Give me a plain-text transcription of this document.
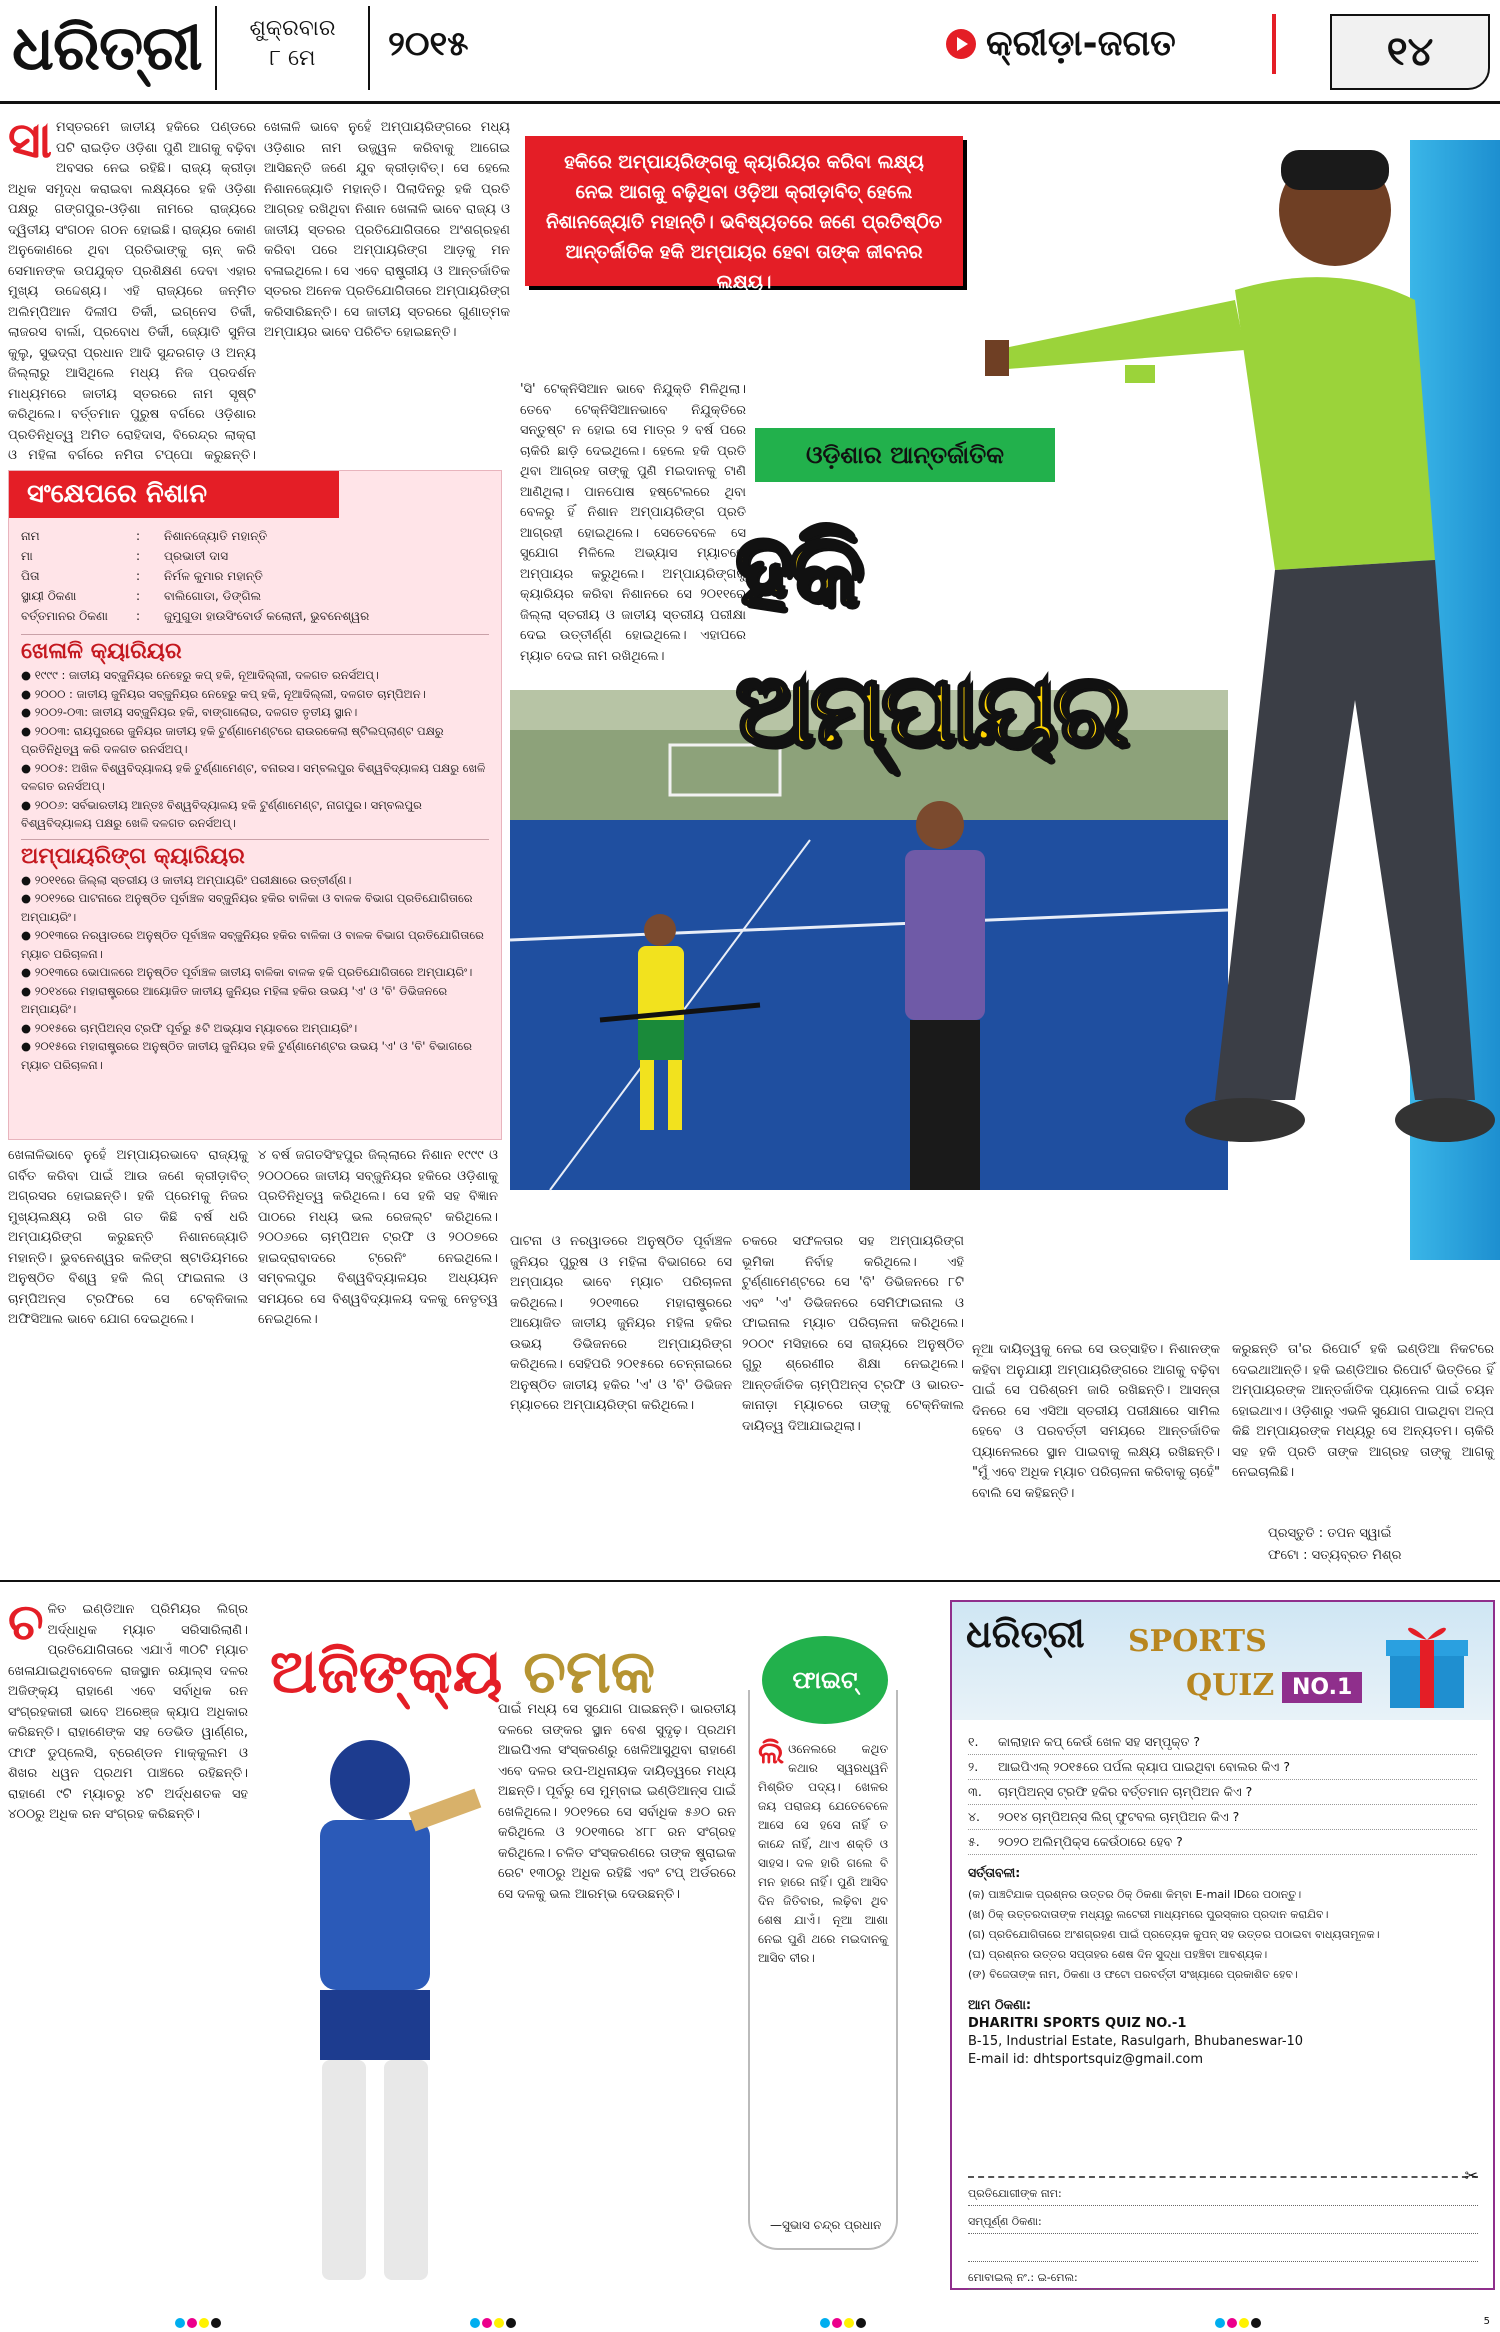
ଧରିତ୍ରୀ	ଶୁକ୍ରବାର
୮ ମେ	୨୦୧୫	କ୍ରୀଡ଼ା-ଜଗତ	୧୪
ସାମସ୍ତରମେ ଜାତୀୟ ହକିରେ ପଣ୍ଡରେ ପଟି ରାଇଡ଼ିତ ଓଡ଼ିଶା ପୁଣି ଆଗକୁ ବଢ଼ିବା ଅବସର ନେଇ ରହିଛି। ରାଜ୍ୟ କ୍ରୀଡ଼ା ଅଧିକ ସମୃଦ୍ଧ କରାଇବା ଲକ୍ଷ୍ୟରେ ହକି ଓଡ଼ିଶା ପକ୍ଷରୁ ଗଙ୍ଗପୁର-ଓଡ଼ିଶା ନାମରେ ରାଜ୍ୟରେ ଦ୍ୱିତୀୟ ସଂଗଠନ ଗଠନ ହୋଇଛି। ରାଜ୍ୟର କୋଣ ଅନୁକୋଣରେ ଥିବା ପ୍ରତିଭାଙ୍କୁ ଚାନ୍ କରି ସେମାନଙ୍କ ଉପଯୁକ୍ତ ପ୍ରଶିକ୍ଷଣ ଦେବା ଏହାର ମୁଖ୍ୟ ଉଦ୍ଦେଶ୍ୟ। ଏହି ରାଜ୍ୟରେ ଜନ୍ମିତ ଅଲିମ୍ପିଆନ ଦିଲୀପ ତିର୍କୀ, ଇଗ୍ନେସ ତିର୍କୀ, ଲାଜରସ ବାର୍ଲା, ପ୍ରବୋଧ ତିର୍କୀ, ଜ୍ୟୋତି ସୁନିତା କୁଲୁ, ସୁଭଦ୍ରା ପ୍ରଧାନ ଆଦି ସୁନ୍ଦରଗଡ଼ ଓ ଅନ୍ୟ ଜିଲ୍ଲାରୁ ଆସିଥିଲେ ମଧ୍ୟ ନିଜ ପ୍ରଦର୍ଶନ ମାଧ୍ୟମରେ ଜାତୀୟ ସ୍ତରରେ ନାମ ସୃଷ୍ଟି କରିଥିଲେ। ବର୍ତ୍ତମାନ ପୁରୁଷ ବର୍ଗରେ ଓଡ଼ିଶାର ପ୍ରତିନିଧିତ୍ୱ ଅମିତ ରୋହିଦାସ, ବିରେନ୍ଦ୍ର ଲାକ୍ରା ଓ ମହିଳା ବର୍ଗରେ ନମିତା ଟପ୍ପୋ କରୁଛନ୍ତି।
ଖେଳାଳି ଭାବେ ନୁହେଁ ଅମ୍ପାୟରିଙ୍ଗରେ ମଧ୍ୟ ଓଡ଼ିଶାର ନାମ ଉଜ୍ଜ୍ୱଳ କରିବାକୁ ଆଗେଇ ଆସିଛନ୍ତି ଜଣେ ଯୁବ କ୍ରୀଡ଼ାବିତ୍। ସେ ହେଲେ ନିଶାନଜ୍ୟୋତି ମହାନ୍ତି। ପିଲାଦିନରୁ ହକି ପ୍ରତି ଆଗ୍ରହ ରଖିଥିବା ନିଶାନ ଖେଳାଳି ଭାବେ ରାଜ୍ୟ ଓ ଜାତୀୟ ସ୍ତରର ପ୍ରତିଯୋଗିତାରେ ଅଂଶଗ୍ରହଣ କରିବା ପରେ ଅମ୍ପାୟରିଙ୍ଗ ଆଡ଼କୁ ମନ ବଳାଇଥିଲେ। ସେ ଏବେ ରାଷ୍ଟ୍ରୀୟ ଓ ଆନ୍ତର୍ଜାତିକ ସ୍ତରର ଅନେକ ପ୍ରତିଯୋଗିତାରେ ଅମ୍ପାୟରିଙ୍ଗ କରିସାରିଛନ୍ତି। ସେ ଜାତୀୟ ସ୍ତରରେ ଗୁଣାତ୍ମକ ଅମ୍ପାୟର ଭାବେ ପରିଚିତ ହୋଇଛନ୍ତି।
'ସି' ଟେକ୍ନିସିଆନ ଭାବେ ନିଯୁକ୍ତି ମିଳିଥିଲା। ତେବେ ଟେକ୍ନିସିଆନଭାବେ ନିଯୁକ୍ତିରେ ସନ୍ତୁଷ୍ଟ ନ ହୋଇ ସେ ମାତ୍ର ୨ ବର୍ଷ ପରେ ଚାକିରି ଛାଡ଼ି ଦେଇଥିଲେ। ହେଲେ ହକି ପ୍ରତି ଥିବା ଆଗ୍ରହ ତାଙ୍କୁ ପୁଣି ମଇଦାନକୁ ଟାଣି ଆଣିଥିଲା। ପାନପୋଷ ହଷ୍ଟେଲରେ ଥିବା ବେଳରୁ ହିଁ ନିଶାନ ଅମ୍ପାୟରିଙ୍ଗ ପ୍ରତି ଆଗ୍ରହୀ ହୋଇଥିଲେ। ସେତେବେଳେ ସେ ସୁଯୋଗ ମିଳିଲେ ଅଭ୍ୟାସ ମ୍ୟାଚରେ ଅମ୍ପାୟର କରୁଥିଲେ। ଅମ୍ପାୟରିଙ୍ଗକୁ କ୍ୟାରିୟର କରିବା ନିଶାନରେ ସେ ୨୦୧୧ରେ ଜିଲ୍ଲା ସ୍ତରୀୟ ଓ ଜାତୀୟ ସ୍ତରୀୟ ପରୀକ୍ଷା ଦେଇ ଉତ୍ତୀର୍ଣ୍ଣ ହୋଇଥିଲେ। ଏହାପରେ ମ୍ୟାଚ ଦେଇ ନାମ ରଖିଥିଲେ।
ସଂକ୍ଷେପରେ ନିଶାନ
ନାମ	:	ନିଶାନଜ୍ୟୋତି ମହାନ୍ତି
ମା	:	ପ୍ରଭାତୀ ଦାସ
ପିତା	:	ନିର୍ମଳ କୁମାର ମହାନ୍ତି
ସ୍ଥାୟୀ ଠିକଣା	:	ବାଲିଗୋଡା, ଡିଙ୍ଗିଲ
ବର୍ତ୍ତମାନର ଠିକଣା	:	ଜୁମୁଗୁଡା ହାଉସିଂବୋର୍ଡ କଲୋନୀ, ଭୁବନେଶ୍ୱର
ଖେଳାଳି କ୍ୟାରିୟର
● ୧୯୯୯ : ଜାତୀୟ ସବ୍ଜୁନିୟର ନେହେରୁ କପ୍ ହକି, ନୂଆଦିଲ୍ଲୀ, ଦଳଗତ ରନର୍ସଅପ୍।
● ୨୦୦୦ : ଜାତୀୟ ଜୁନିୟର ସବ୍ଜୁନିୟର ନେହେରୁ କପ୍ ହକି, ନୂଆଦିଲ୍ଲୀ, ଦଳଗତ ଚାମ୍ପିଅନ।
● ୨୦୦୨-୦୩: ଜାତୀୟ ସବ୍ଜୁନିୟର ହକି, ବାଙ୍ଗାଲୋର, ଦଳଗତ ତୃତୀୟ ସ୍ଥାନ।
● ୨୦୦୩: ରାୟପୁରରେ ଜୁନିୟର ଜାତୀୟ ହକି ଟୁର୍ଣ୍ଣାମେଣ୍ଟରେ ରାଉରକେଲା ଷ୍ଟିଲପ୍ଲାଣ୍ଟ ପକ୍ଷରୁ ପ୍ରତିନିଧିତ୍ୱ କରି ଦଳଗତ ରନର୍ସଅପ୍।
● ୨୦୦୫: ଅଖିଳ ବିଶ୍ୱବିଦ୍ୟାଳୟ ହକି ଟୁର୍ଣ୍ଣାମେଣ୍ଟ, ବନାରସ। ସମ୍ବଲପୁର ବିଶ୍ୱବିଦ୍ୟାଳୟ ପକ୍ଷରୁ ଖେଳି ଦଳଗତ ରନର୍ସଅପ୍।
● ୨୦୦୬: ସର୍ବଭାରତୀୟ ଆନ୍ତଃ ବିଶ୍ୱବିଦ୍ୟାଳୟ ହକି ଟୁର୍ଣ୍ଣାମେଣ୍ଟ, ନାଗପୁର। ସମ୍ବଲପୁର ବିଶ୍ୱବିଦ୍ୟାଳୟ ପକ୍ଷରୁ ଖେଳି ଦଳଗତ ରନର୍ସଅପ୍।
ଅମ୍ପାୟରିଙ୍ଗ କ୍ୟାରିୟର
● ୨୦୧୧ରେ ଜିଲ୍ଲା ସ୍ତରୀୟ ଓ ଜାତୀୟ ଅମ୍ପାୟରିଂ ପରୀକ୍ଷାରେ ଉତ୍ତୀର୍ଣ୍ଣ।
● ୨୦୧୨ରେ ପାଟନାରେ ଅନୁଷ୍ଠିତ ପୂର୍ବାଞ୍ଚଳ ସବ୍ଜୁନିୟର ହକିର ବାଳିକା ଓ ବାଳକ ବିଭାଗ ପ୍ରତିଯୋଗିତାରେ ଅମ୍ପାୟରିଂ।
● ୨୦୧୩ରେ ନରୱାଡରେ ଅନୁଷ୍ଠିତ ପୂର୍ବାଞ୍ଚଳ ସବ୍ଜୁନିୟର ହକିର ବାଳିକା ଓ ବାଳକ ବିଭାଗ ପ୍ରତିଯୋଗିତାରେ ମ୍ୟାଚ ପରିଚାଳନା।
● ୨୦୧୩ରେ ଭୋପାଳରେ ଅନୁଷ୍ଠିତ ପୂର୍ବାଞ୍ଚଳ ଜାତୀୟ ବାଳିକା ବାଳକ ହକି ପ୍ରତିଯୋଗିତାରେ ଅମ୍ପାୟରିଂ।
● ୨୦୧୪ରେ ମହାରାଷ୍ଟ୍ରରେ ଆୟୋଜିତ ଜାତୀୟ ଜୁନିୟର ମହିଳା ହକିର ଉଭୟ 'ଏ' ଓ 'ବି' ଡିଭିଜନରେ ଅମ୍ପାୟରିଂ।
● ୨୦୧୫ରେ ଚାମ୍ପିଅନ୍ସ ଟ୍ରଫି ପୂର୍ବରୁ ୫ଟି ଅଭ୍ୟାସ ମ୍ୟାଚରେ ଅମ୍ପାୟରିଂ।
● ୨୦୧୫ରେ ମହାରାଷ୍ଟ୍ରରେ ଅନୁଷ୍ଠିତ ଜାତୀୟ ଜୁନିୟର ହକି ଟୁର୍ଣ୍ଣାମେଣ୍ଟର ଉଭୟ 'ଏ' ଓ 'ବି' ବିଭାଗରେ ମ୍ୟାଚ ପରିଚାଳନା।
ହକିରେ ଅମ୍ପାୟରିଙ୍ଗକୁ କ୍ୟାରିୟର କରିବା ଲକ୍ଷ୍ୟ ନେଇ ଆଗକୁ ବଢ଼ିଥିବା ଓଡ଼ିଆ କ୍ରୀଡ଼ାବିତ୍ ହେଲେ ନିଶାନଜ୍ୟୋତି ମହାନ୍ତି। ଭବିଷ୍ୟତରେ ଜଣେ ପ୍ରତିଷ୍ଠିତ ଆନ୍ତର୍ଜାତିକ ହକି ଅମ୍ପାୟର ହେବା ତାଙ୍କ ଜୀବନର ଲକ୍ଷ୍ୟ।
ଓଡ଼ିଶାର ଆନ୍ତର୍ଜାତିକ
ହକି ଅମ୍ପାୟର
ଖେଳାଳିଭାବେ ନୁହେଁ ଅମ୍ପାୟରଭାବେ ରାଜ୍ୟକୁ ଗର୍ବିତ କରିବା ପାଇଁ ଆଉ ଜଣେ କ୍ରୀଡ଼ାବିତ୍ ଅଗ୍ରସର ହୋଇଛନ୍ତି। ହକି ପ୍ରେମକୁ ନିଜର ମୁଖ୍ୟଲକ୍ଷ୍ୟ ରଖି ଗତ କିଛି ବର୍ଷ ଧରି ଅମ୍ପାୟରିଙ୍ଗ କରୁଛନ୍ତି ନିଶାନଜ୍ୟୋତି ମହାନ୍ତି। ଭୁବନେଶ୍ୱର କଳିଙ୍ଗ ଷ୍ଟାଡିୟମରେ ଅନୁଷ୍ଠିତ ବିଶ୍ୱ ହକି ଲିଗ୍ ଫାଇନାଲ ଓ ଚାମ୍ପିଅନ୍ସ ଟ୍ରଫିରେ ସେ ଟେକ୍ନିକାଲ ଅଫିସିଆଲ ଭାବେ ଯୋଗ ଦେଇଥିଲେ।
୪ ବର୍ଷ ଜଗତସିଂହପୁର ଜିଲ୍ଲାରେ ନିଶାନ ୧୯୯୯ ଓ ୨୦୦୦ରେ ଜାତୀୟ ସବ୍ଜୁନିୟର ହକିରେ ଓଡ଼ିଶାକୁ ପ୍ରତିନିଧିତ୍ୱ କରିଥିଲେ। ସେ ହକି ସହ ବିଜ୍ଞାନ ପାଠରେ ମଧ୍ୟ ଭଲ ରେଜଲ୍ଟ କରିଥିଲେ। ୨୦୦୬ରେ ଚାମ୍ପିଅନ ଟ୍ରଫି ଓ ୨୦୦୭ରେ ହାଇଦ୍ରାବାଦରେ ଟ୍ରେନିଂ ନେଇଥିଲେ। ସମ୍ବଲପୁର ବିଶ୍ୱବିଦ୍ୟାଳୟର ଅଧ୍ୟୟନ ସମୟରେ ସେ ବିଶ୍ୱବିଦ୍ୟାଳୟ ଦଳକୁ ନେତୃତ୍ୱ ନେଇଥିଲେ।
ପାଟନା ଓ ନରୱାଡରେ ଅନୁଷ୍ଠିତ ପୂର୍ବାଞ୍ଚଳ ଜୁନିୟର ପୁରୁଷ ଓ ମହିଳା ବିଭାଗରେ ସେ ଅମ୍ପାୟର ଭାବେ ମ୍ୟାଚ ପରିଚାଳନା କରିଥିଲେ। ୨୦୧୩ରେ ମହାରାଷ୍ଟ୍ରରେ ଆୟୋଜିତ ଜାତୀୟ ଜୁନିୟର ମହିଳା ହକିର ଉଭୟ ଡିଭିଜନରେ ଅମ୍ପାୟରିଙ୍ଗ କରିଥିଲେ। ସେହିପରି ୨୦୧୫ରେ ଚେନ୍ନାଇରେ ଅନୁଷ୍ଠିତ ଜାତୀୟ ହକିର 'ଏ' ଓ 'ବି' ଡିଭିଜନ ମ୍ୟାଚରେ ଅମ୍ପାୟରିଙ୍ଗ କରିଥିଲେ।
ଚକରେ ସଫଳତାର ସହ ଅମ୍ପାୟରିଙ୍ଗ ଭୂମିକା ନିର୍ବାହ କରିଥିଲେ। ଏହି ଟୁର୍ଣ୍ଣାମେଣ୍ଟରେ ସେ 'ବି' ଡିଭିଜନରେ ୮ଟି ଏବଂ 'ଏ' ଡିଭିଜନରେ ସେମିଫାଇନାଲ ଓ ଫାଇନାଲ ମ୍ୟାଚ ପରିଚାଳନା କରିଥିଲେ। ୨୦୦୯ ମସିହାରେ ସେ ରାଜ୍ୟରେ ଅନୁଷ୍ଠିତ ଗୁରୁ ଶ୍ରେଣୀର ଶିକ୍ଷା ନେଇଥିଲେ। ଆନ୍ତର୍ଜାତିକ ଚାମ୍ପିଅନ୍ସ ଟ୍ରଫି ଓ ଭାରତ-କାନାଡ଼ା ମ୍ୟାଚରେ ତାଙ୍କୁ ଟେକ୍ନିକାଲ ଦାୟିତ୍ୱ ଦିଆଯାଇଥିଲା।
ନୂଆ ଦାୟିତ୍ୱକୁ ନେଇ ସେ ଉତ୍ସାହିତ। ନିଶାନଙ୍କ କହିବା ଅନୁଯାୟୀ ଅମ୍ପାୟରିଙ୍ଗରେ ଆଗକୁ ବଢ଼ିବା ପାଇଁ ସେ ପରିଶ୍ରମ ଜାରି ରଖିଛନ୍ତି। ଆସନ୍ତା ଦିନରେ ସେ ଏସିଆ ସ୍ତରୀୟ ପରୀକ୍ଷାରେ ସାମିଲ ହେବେ ଓ ପରବର୍ତ୍ତୀ ସମୟରେ ଆନ୍ତର୍ଜାତିକ ପ୍ୟାନେଲରେ ସ୍ଥାନ ପାଇବାକୁ ଲକ୍ଷ୍ୟ ରଖିଛନ୍ତି। "ମୁଁ ଏବେ ଅଧିକ ମ୍ୟାଚ ପରିଚାଳନା କରିବାକୁ ଚାହେଁ" ବୋଲି ସେ କହିଛନ୍ତି।
କରୁଛନ୍ତି ତା'ର ରିପୋର୍ଟ ହକି ଇଣ୍ଡିଆ ନିକଟରେ ଦେଇଥାଆନ୍ତି। ହକି ଇଣ୍ଡିଆର ରିପୋର୍ଟ ଭିତ୍ତିରେ ହିଁ ଅମ୍ପାୟରଙ୍କ ଆନ୍ତର୍ଜାତିକ ପ୍ୟାନେଲ ପାଇଁ ଚୟନ ହୋଇଥାଏ। ଓଡ଼ିଶାରୁ ଏଭଳି ସୁଯୋଗ ପାଇଥିବା ଅଳ୍ପ କିଛି ଅମ୍ପାୟରଙ୍କ ମଧ୍ୟରୁ ସେ ଅନ୍ୟତମ। ଚାକିରି ସହ ହକି ପ୍ରତି ତାଙ୍କ ଆଗ୍ରହ ତାଙ୍କୁ ଆଗକୁ ନେଇଚାଲିଛି।
ପ୍ରସ୍ତୁତି : ତପନ ସ୍ୱାଇଁ
ଫଟୋ : ସତ୍ୟବ୍ରତ ମିଶ୍ର
ଚଳିତ ଇଣ୍ଡିଆନ ପ୍ରିମିୟର ଲିଗ୍ର ଅର୍ଦ୍ଧାଧିକ ମ୍ୟାଚ ସରିସାରିଲାଣି। ପ୍ରତିଯୋଗିତାରେ ଏଯାଏଁ ୩୦ଟି ମ୍ୟାଚ ଖେଳାଯାଇଥିବାବେଳେ ରାଜସ୍ଥାନ ରୟାଲ୍ସ ଦଳର ଅଜିଙ୍କ୍ୟ ରାହାଣେ ଏବେ ସର୍ବାଧିକ ରନ ସଂଗ୍ରହକାରୀ ଭାବେ ଅରେଞ୍ଜ କ୍ୟାପ ଅଧିକାର କରିଛନ୍ତି। ରାହାଣେଙ୍କ ସହ ଡେଭିଡ ୱାର୍ଣ୍ଣର, ଫାଫ ଡୁପ୍ଲେସି, ବ୍ରେଣ୍ଡନ ମାକ୍କୁଲମ ଓ ଶିଖର ଧୱନ ପ୍ରଥମ ପାଞ୍ଚରେ ରହିଛନ୍ତି। ରାହାଣେ ୯ଟି ମ୍ୟାଚରୁ ୪ଟି ଅର୍ଦ୍ଧଶତକ ସହ ୪୦୦ରୁ ଅଧିକ ରନ ସଂଗ୍ରହ କରିଛନ୍ତି।
ଅଜିଙ୍କ୍ୟ ଚମକ
ପାଇଁ ମଧ୍ୟ ସେ ସୁଯୋଗ ପାଇଛନ୍ତି। ଭାରତୀୟ ଦଳରେ ତାଙ୍କର ସ୍ଥାନ ବେଶ ସୁଦୃଢ଼। ପ୍ରଥମ ଆଇପିଏଲ ସଂସ୍କରଣରୁ ଖେଳିଆସୁଥିବା ରାହାଣେ ଏବେ ଦଳର ଉପ-ଅଧିନାୟକ ଦାୟିତ୍ୱରେ ମଧ୍ୟ ଅଛନ୍ତି। ପୂର୍ବରୁ ସେ ମୁମ୍ବାଇ ଇଣ୍ଡିଆନ୍ସ ପାଇଁ ଖେଳିଥିଲେ। ୨୦୧୨ରେ ସେ ସର୍ବାଧିକ ୫୬୦ ରନ କରିଥିଲେ ଓ ୨୦୧୩ରେ ୪୮୮ ରନ ସଂଗ୍ରହ କରିଥିଲେ। ଚଳିତ ସଂସ୍କରଣରେ ତାଙ୍କ ଷ୍ଟ୍ରାଇକ ରେଟ ୧୩୦ରୁ ଅଧିକ ରହିଛି ଏବଂ ଟପ୍ ଅର୍ଡରରେ ସେ ଦଳକୁ ଭଲ ଆରମ୍ଭ ଦେଉଛନ୍ତି।
ଫାଇଟ୍
ଲିଓନେଲରେ କଥିତ କଥାର ସ୍ୱରଧ୍ୱନି ମିଶ୍ରିତ ପଦ୍ୟ। ଖେଳର ଜୟ ପରାଜୟ ଯେତେବେଳେ ଆସେ ସେ ହସେ ନାହିଁ ତ କାନ୍ଦେ ନାହିଁ, ଥାଏ ଶକ୍ତି ଓ ସାହସ। ଦଳ ହାରି ଗଲେ ବି ମନ ହାରେ ନାହିଁ। ପୁଣି ଆସିବ ଦିନ ଜିତିବାର, ଲଢ଼ିବା ଥିବ ଶେଷ ଯାଏଁ। ନୂଆ ଆଶା ନେଇ ପୁଣି ଥରେ ମଇଦାନକୁ ଆସିବ ବୀର।
—ସୁଭାସ ଚନ୍ଦ୍ର ପ୍ରଧାନ
ଧରିତ୍ରୀ SPORTS
QUIZ NO.1
୧.	କାଲାହାନ କପ୍ କେଉଁ ଖେଳ ସହ ସମ୍ପୃକ୍ତ ?
୨.	ଆଇପିଏଲ୍ ୨୦୧୫ରେ ପର୍ପଲ କ୍ୟାପ ପାଇଥିବା ବୋଲର କିଏ ?
୩.	ଚାମ୍ପିଅନ୍ସ ଟ୍ରଫି ହକିର ବର୍ତ୍ତମାନ ଚାମ୍ପିଅନ କିଏ ?
୪.	୨୦୧୪ ଚାମ୍ପିଅନ୍ସ ଲିଗ୍ ଫୁଟବଲ ଚାମ୍ପିଅନ କିଏ ?
୫.	୨୦୨୦ ଅଲିମ୍ପିକ୍ସ କେଉଁଠାରେ ହେବ ?
ସର୍ତ୍ତାବଳୀ:
(କ) ପାଞ୍ଚଟିଯାକ ପ୍ରଶ୍ନର ଉତ୍ତର ଠିକ୍ ଠିକଣା କିମ୍ବା E-mail IDରେ ପଠାନ୍ତୁ।
(ଖ) ଠିକ୍ ଉତ୍ତରଦାତାଙ୍କ ମଧ୍ୟରୁ ଲଟେରୀ ମାଧ୍ୟମରେ ପୁରସ୍କାର ପ୍ରଦାନ କରାଯିବ।
(ଗ) ପ୍ରତିଯୋଗିତାରେ ଅଂଶଗ୍ରହଣ ପାଇଁ ପ୍ରତ୍ୟେକ କୁପନ୍ ସହ ଉତ୍ତର ପଠାଇବା ବାଧ୍ୟତାମୂଳକ।
(ଘ) ପ୍ରଶ୍ନର ଉତ୍ତର ସପ୍ତାହର ଶେଷ ଦିନ ସୁଦ୍ଧା ପହଞ୍ଚିବା ଆବଶ୍ୟକ।
(ଙ) ବିଜେତାଙ୍କ ନାମ, ଠିକଣା ଓ ଫଟୋ ପରବର୍ତ୍ତୀ ସଂଖ୍ୟାରେ ପ୍ରକାଶିତ ହେବ।
ଆମ ଠିକଣା:
DHARITRI SPORTS QUIZ NO.-1
B-15, Industrial Estate, Rasulgarh, Bhubaneswar-10
E-mail id: dhtsportsquiz@gmail.com
✂
ପ୍ରତିଯୋଗୀଙ୍କ ନାମ:
ସମ୍ପୂର୍ଣ୍ଣ ଠିକଣା:
ମୋବାଇଲ୍ ନଂ.: ଇ-ମେଲ:
5
